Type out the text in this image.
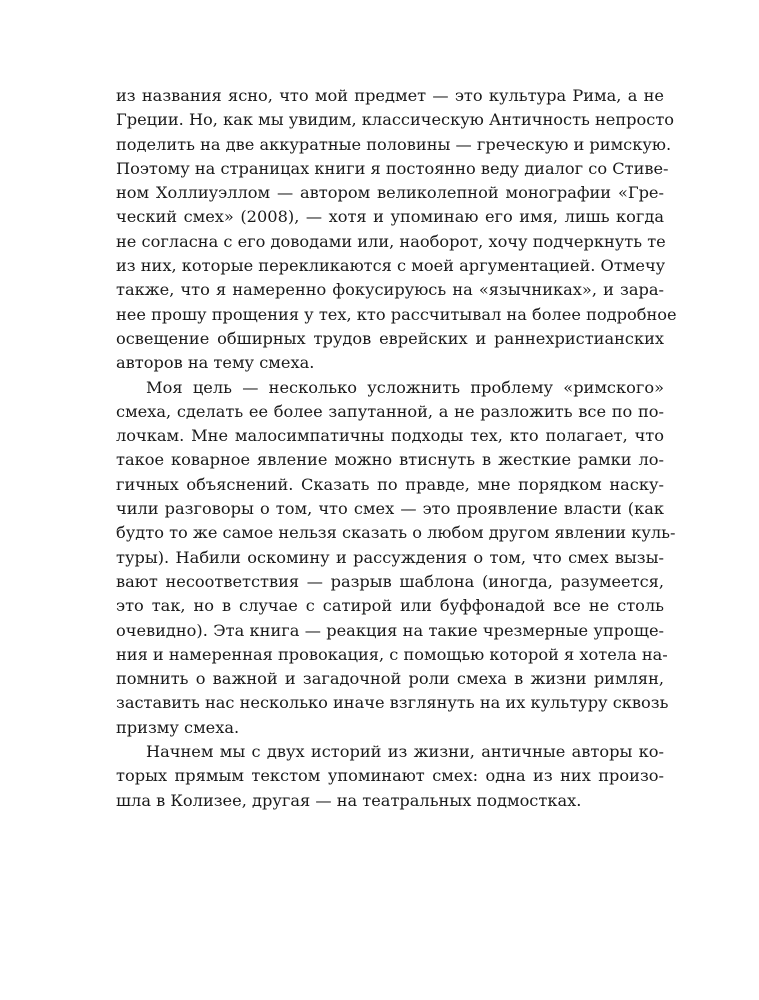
из названия ясно, что мой предмет — это культура Рима, а не
Греции. Но, как мы увидим, классическую Античность непросто
поделить на две аккуратные половины — греческую и римскую.
Поэтому на страницах книги я постоянно веду диалог со Стиве-
ном Холлиуэллом — автором великолепной монографии «Гре-
ческий смех» (2008), — хотя и упоминаю его имя, лишь когда
не согласна с его доводами или, наоборот, хочу подчеркнуть те
из них, которые перекликаются с моей аргументацией. Отмечу
также, что я намеренно фокусируюсь на «язычниках», и зара-
нее прошу прощения у тех, кто рассчитывал на более подробное
освещение обширных трудов еврейских и раннехристианских
авторов на тему смеха.
Моя цель — несколько усложнить проблему «римского»
смеха, сделать ее более запутанной, а не разложить все по по-
лочкам. Мне малосимпатичны подходы тех, кто полагает, что
такое коварное явление можно втиснуть в жесткие рамки ло-
гичных объяснений. Сказать по правде, мне порядком наску-
чили разговоры о том, что смех — это проявление власти (как
будто то же самое нельзя сказать о любом другом явлении куль-
туры). Набили оскомину и рассуждения о том, что смех вызы-
вают несоответствия — разрыв шаблона (иногда, разумеется,
это так, но в случае с сатирой или буффонадой все не столь
очевидно). Эта книга — реакция на такие чрезмерные упроще-
ния и намеренная провокация, с помощью которой я хотела на-
помнить о важной и загадочной роли смеха в жизни римлян,
заставить нас несколько иначе взглянуть на их культуру сквозь
призму смеха.
Начнем мы с двух историй из жизни, античные авторы ко-
торых прямым текстом упоминают смех: одна из них произо-
шла в Колизее, другая — на театральных подмостках.
